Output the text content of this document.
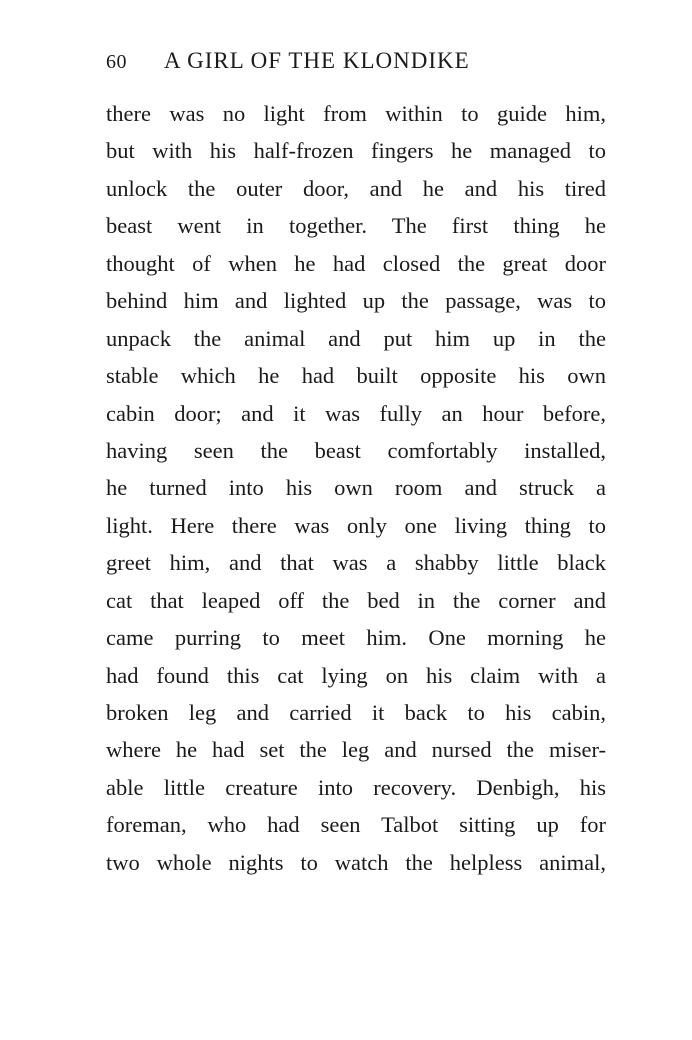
60 A GIRL OF THE KLONDIKE
there was no light from within to guide him,
but with his half-frozen fingers he managed to
unlock the outer door, and he and his tired
beast went in together. The first thing he
thought of when he had closed the great door
behind him and lighted up the passage, was to
unpack the animal and put him up in the
stable which he had built opposite his own
cabin door; and it was fully an hour before,
having seen the beast comfortably installed,
he turned into his own room and struck a
light. Here there was only one living thing to
greet him, and that was a shabby little black
cat that leaped off the bed in the corner and
came purring to meet him. One morning he
had found this cat lying on his claim with a
broken leg and carried it back to his cabin,
where he had set the leg and nursed the miser-
able little creature into recovery. Denbigh, his
foreman, who had seen Talbot sitting up for
two whole nights to watch the helpless animal,
